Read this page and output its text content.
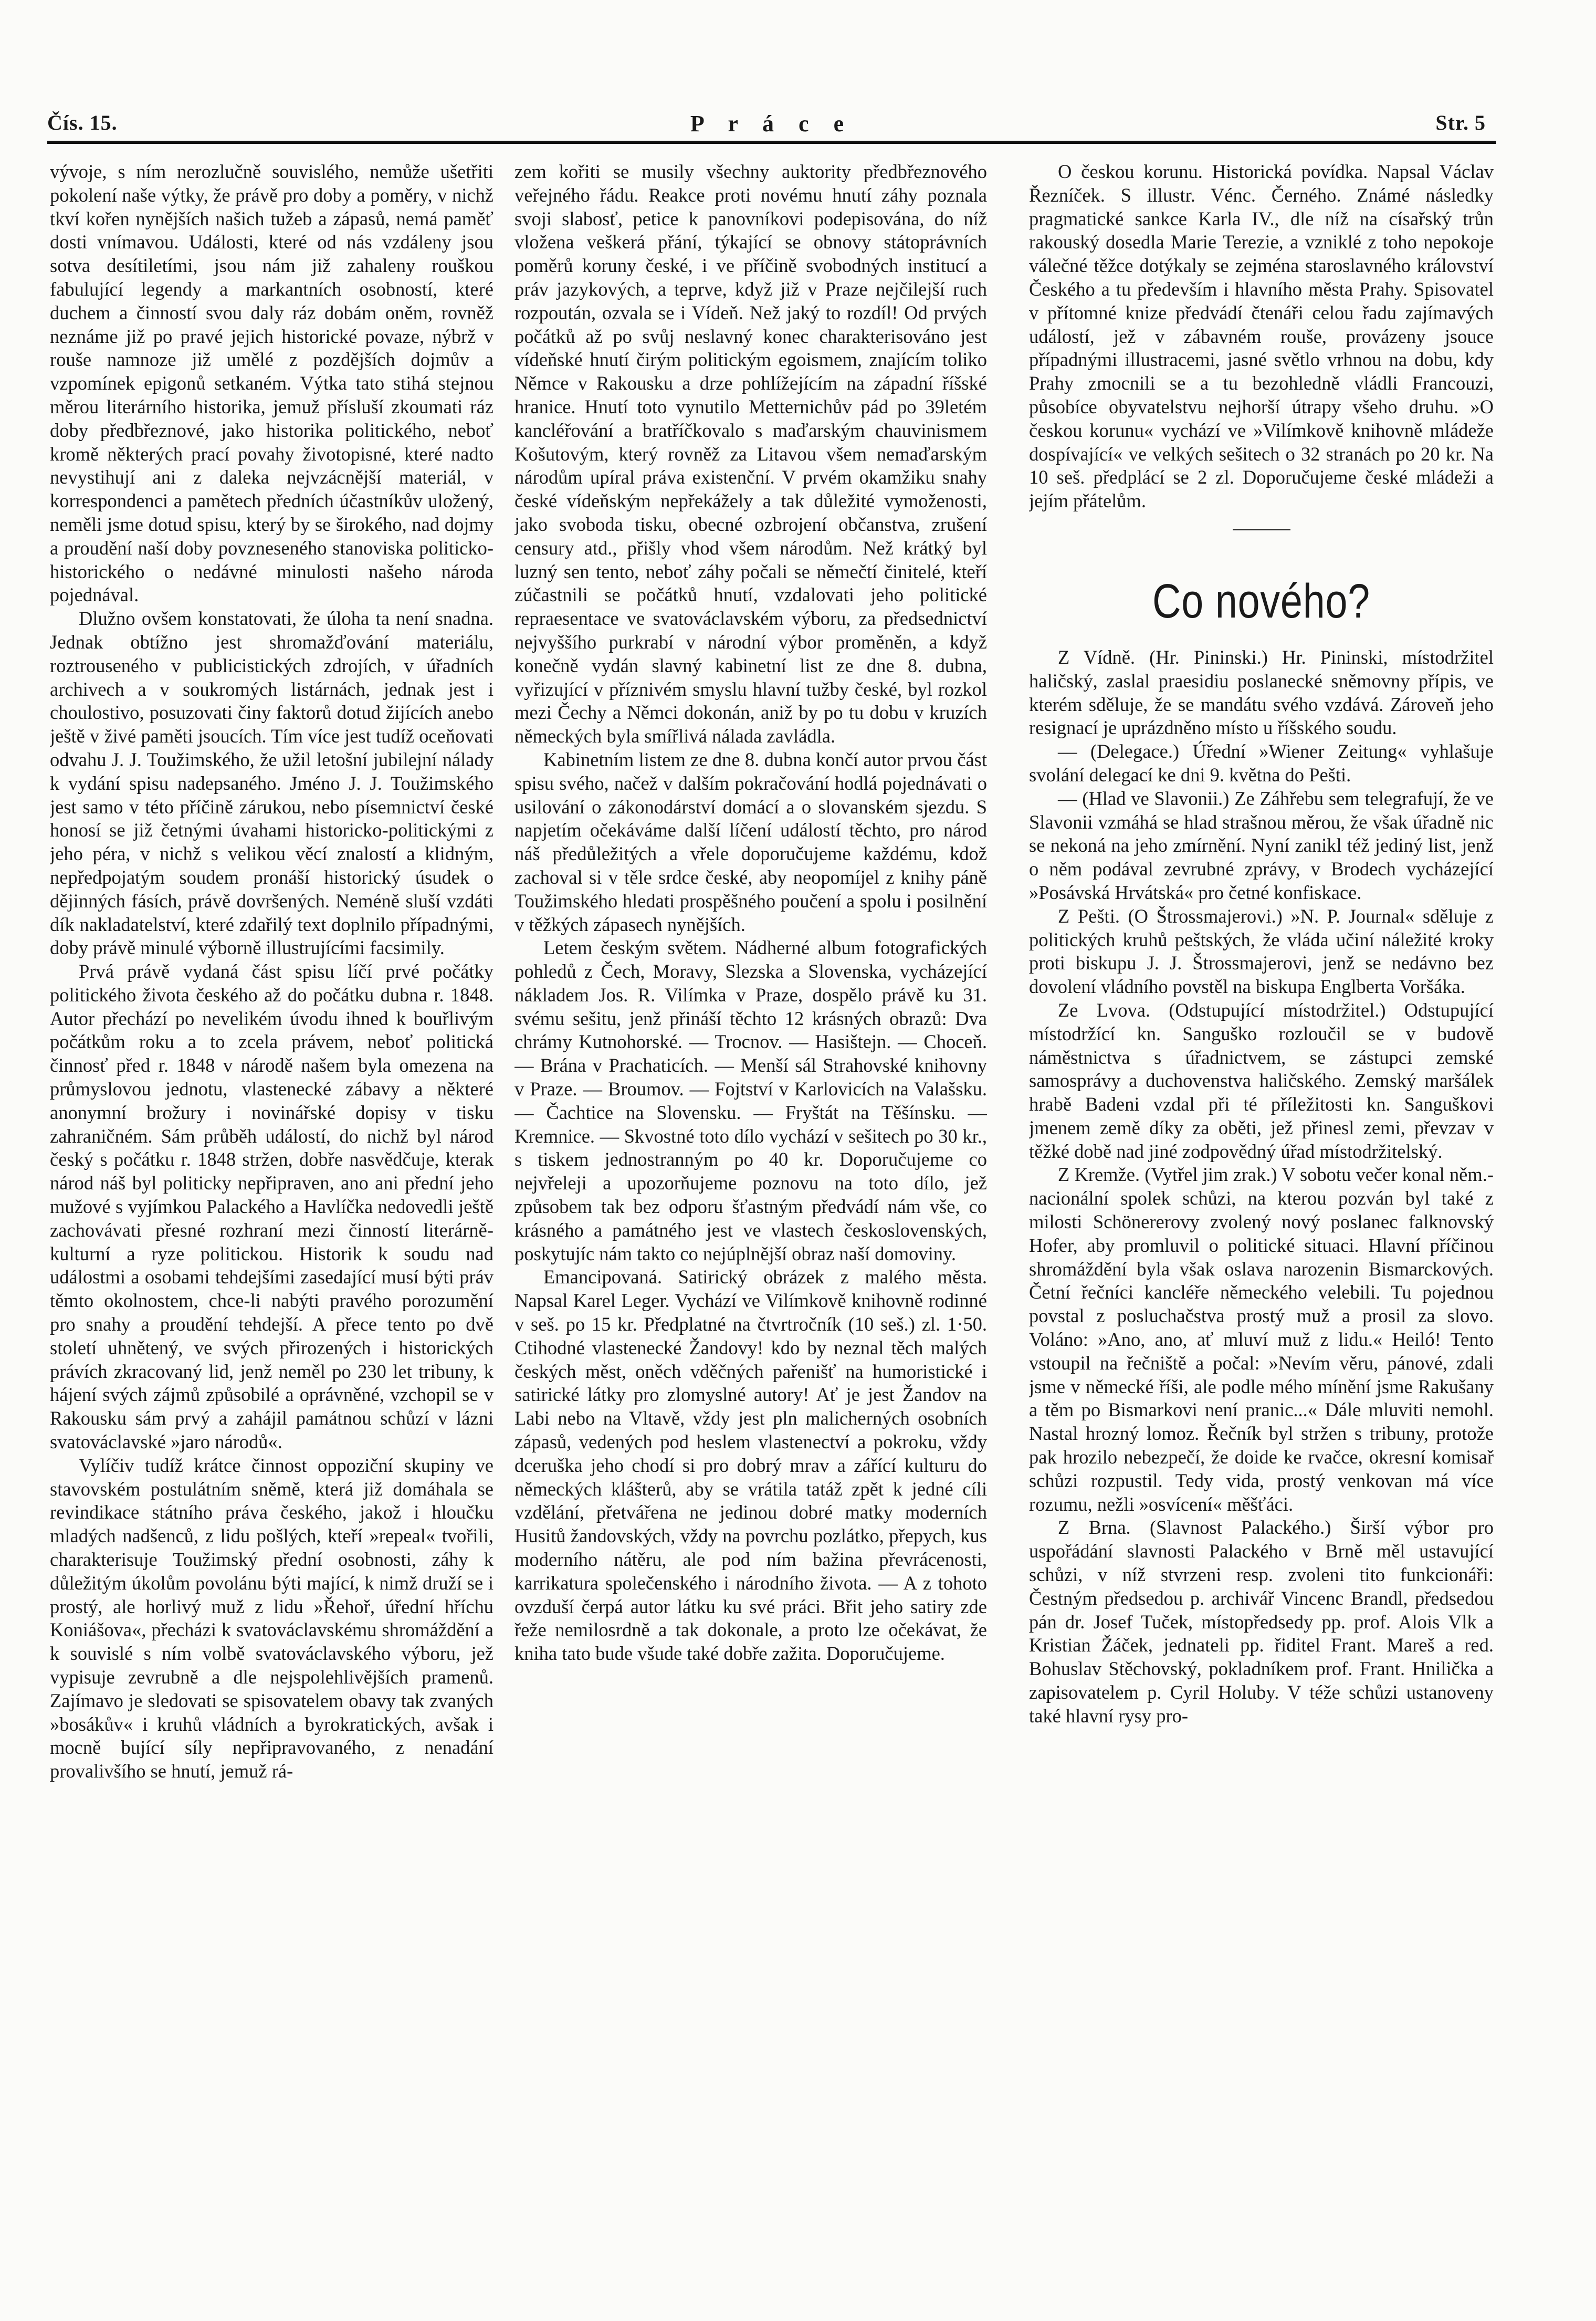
Čís. 15.	P r á c e	Str. 5

vývoje, s ním nerozlučně souvislého, nemůže ušetřiti pokolení naše výtky, že právě pro doby a poměry, v nichž tkví kořen nynějších našich tužeb a zápasů, nemá paměť dosti vnímavou. Události, které od nás vzdáleny jsou sotva desítiletími, jsou nám již zahaleny rouškou fabulující legendy a markantních osobností, které duchem a činností svou daly ráz dobám oněm, rovněž neznáme již po pravé jejich historické povaze, nýbrž v rouše namnoze již umělé z pozdějších dojmův a vzpomínek epigonů setkaném. Výtka tato stihá stejnou měrou literárního historika, jemuž přísluší zkoumati ráz doby předbřeznové, jako historika politického, neboť kromě některých prací povahy životopisné, které nadto nevystihují ani z daleka nejvzácnější materiál, v korrespondenci a pamětech předních účastníkův uložený, neměli jsme dotud spisu, který by se širokého, nad dojmy a proudění naší doby povzneseného stanoviska politicko-historického o nedávné minulosti našeho národa pojednával.

Dlužno ovšem konstatovati, že úloha ta není snadna. Jednak obtížno jest shromažďování materiálu, roztrouseného v publicistických zdrojích, v úřadních archivech a v soukromých listárnách, jednak jest i choulostivo, posuzovati činy faktorů dotud žijících anebo ještě v živé paměti jsoucích. Tím více jest tudíž oceňovati odvahu J. J. Toužimského, že užil letošní jubilejní nálady k vydání spisu nadepsaného. Jméno J. J. Toužimského jest samo v této příčině zárukou, nebo písemnictví české honosí se již četnými úvahami historicko-politickými z jeho péra, v nichž s velikou věcí znalostí a klidným, nepředpojatým soudem pronáší historický úsudek o dějinných fásích, právě dovršených. Neméně sluší vzdáti dík nakladatelství, které zdařilý text doplnilo případnými, doby právě minulé výborně illustrujícími facsimily.

Prvá právě vydaná část spisu líčí prvé počátky politického života českého až do počátku dubna r. 1848. Autor přechází po nevelikém úvodu ihned k bouřlivým počátkům roku a to zcela právem, neboť politická činnosť před r. 1848 v národě našem byla omezena na průmyslovou jednotu, vlastenecké zábavy a některé anonymní brožury i novinářské dopisy v tisku zahraničném. Sám průběh událostí, do nichž byl národ český s počátku r. 1848 stržen, dobře nasvědčuje, kterak národ náš byl politicky nepřipraven, ano ani přední jeho mužové s vyjímkou Palackého a Havlíčka nedovedli ještě zachovávati přesné rozhraní mezi činností literárně-kulturní a ryze politickou. Historik k soudu nad událostmi a osobami tehdejšími zasedající musí býti práv těmto okolnostem, chce-li nabýti pravého porozumění pro snahy a proudění tehdejší. A přece tento po dvě století uhnětený, ve svých přirozených i historických právích zkracovaný lid, jenž neměl po 230 let tribuny, k hájení svých zájmů způsobilé a oprávněné, vzchopil se v Rakousku sám prvý a zahájil památnou schůzí v lázni svatováclavské »jaro národů«.

Vylíčiv tudíž krátce činnost oppoziční skupiny ve stavovském postulátním sněmě, která již domáhala se revindikace státního práva českého, jakož i hloučku mladých nadšenců, z lidu pošlých, kteří »repeal« tvořili, charakterisuje Toužimský přední osobnosti, záhy k důležitým úkolům povolánu býti mající, k nimž druží se i prostý, ale horlivý muž z lidu »Řehoř, úřední hříchu Koniášova«, přecházi k svatováclavskému shromáždění a k souvislé s ním volbě svatováclavského výboru, jež vypisuje zevrubně a dle nejspolehlivějších pramenů. Zajímavo je sledovati se spisovatelem obavy tak zvaných »bosákův« i kruhů vládních a byrokratických, avšak i mocně bující síly nepřipravovaného, z nenadání provalivšího se hnutí, jemuž rá-

zem kořiti se musily všechny auktority předbřeznového veřejného řádu. Reakce proti novému hnutí záhy poznala svoji slabosť, petice k panovníkovi podepisována, do níž vložena veškerá přání, týkající se obnovy státoprávních poměrů koruny české, i ve příčině svobodných institucí a práv jazykových, a teprve, když již v Praze nejčilejší ruch rozpoután, ozvala se i Vídeň. Než jaký to rozdíl! Od prvých počátků až po svůj neslavný konec charakterisováno jest vídeňské hnutí čirým politickým egoismem, znajícím toliko Němce v Rakousku a drze pohlížejícím na západní říšské hranice. Hnutí toto vynutilo Metternichův pád po 39letém kancléřování a bratříčkovalo s maďarským chauvinismem Košutovým, který rovněž za Litavou všem nemaďarským národům upíral práva existenční. V prvém okamžiku snahy české vídeňským nepřekážely a tak důležité vymoženosti, jako svoboda tisku, obecné ozbrojení občanstva, zrušení censury atd., přišly vhod všem národům. Než krátký byl luzný sen tento, neboť záhy počali se němečtí činitelé, kteří zúčastnili se počátků hnutí, vzdalovati jeho politické repraesentace ve svatováclavském výboru, za předsednictví nejvyššího purkrabí v národní výbor proměněn, a když konečně vydán slavný kabinetní list ze dne 8. dubna, vyřizující v příznivém smyslu hlavní tužby české, byl rozkol mezi Čechy a Němci dokonán, aniž by po tu dobu v kruzích německých byla smířlivá nálada zavládla.

Kabinetním listem ze dne 8. dubna končí autor prvou část spisu svého, načež v dalším pokračování hodlá pojednávati o usilování o zákonodárství domácí a o slovanském sjezdu. S napjetím očekáváme další líčení událostí těchto, pro národ náš předůležitých a vřele doporučujeme každému, kdož zachoval si v těle srdce české, aby neopomíjel z knihy páně Toužimského hledati prospěšného poučení a spolu i posilnění v těžkých zápasech nynějších.

Letem českým světem. Nádherné album fotografických pohledů z Čech, Moravy, Slezska a Slovenska, vycházející nákladem Jos. R. Vilímka v Praze, dospělo právě ku 31. svému sešitu, jenž přináší těchto 12 krásných obrazů: Dva chrámy Kutnohorské. — Trocnov. — Hasištejn. — Choceň. — Brána v Prachaticích. — Menší sál Strahovské knihovny v Praze. — Broumov. — Fojtství v Karlovicích na Valašsku. — Čachtice na Slovensku. — Fryštát na Těšínsku. — Kremnice. — Skvostné toto dílo vychází v sešitech po 30 kr., s tiskem jednostranným po 40 kr. Doporučujeme co nejvřeleji a upozorňujeme poznovu na toto dílo, jež způsobem tak bez odporu šťastným předvádí nám vše, co krásného a památného jest ve vlastech československých, poskytujíc nám takto co nejúplnější obraz naší domoviny.

Emancipovaná. Satirický obrázek z malého města. Napsal Karel Leger. Vychází ve Vilímkově knihovně rodinné v seš. po 15 kr. Předplatné na čtvrtročník (10 seš.) zl. 1·50. Ctihodné vlastenecké Žandovy! kdo by neznal těch malých českých měst, oněch vděčných pařenišť na humoristické i satirické látky pro zlomyslné autory! Ať je jest Žandov na Labi nebo na Vltavě, vždy jest pln malicherných osobních zápasů, vedených pod heslem vlastenectví a pokroku, vždy dceruška jeho chodí si pro dobrý mrav a zářící kulturu do německých klášterů, aby se vrátila tatáž zpět k jedné cíli vzdělání, přetvářena ne jedinou dobré matky moderních Husitů žandovských, vždy na povrchu pozlátko, přepych, kus moderního nátěru, ale pod ním bažina převrácenosti, karrikatura společenského i národního života. — A z tohoto ovzduší čerpá autor látku ku své práci. Břit jeho satiry zde řeže nemilosrdně a tak dokonale, a proto lze očekávat, že kniha tato bude všude také dobře zažita. Doporučujeme.

O českou korunu. Historická povídka. Napsal Václav Řezníček. S illustr. Vénc. Černého. Známé následky pragmatické sankce Karla IV., dle níž na císařský trůn rakouský dosedla Marie Terezie, a vzniklé z toho nepokoje válečné těžce dotýkaly se zejména staroslavného království Českého a tu především i hlavního města Prahy. Spisovatel v přítomné knize předvádí čtenáři celou řadu zajímavých událostí, jež v zábavném rouše, provázeny jsouce případnými illustracemi, jasné světlo vrhnou na dobu, kdy Prahy zmocnili se a tu bezohledně vládli Francouzi, působíce obyvatelstvu nejhorší útrapy všeho druhu. »O českou korunu« vychází ve »Vilímkově knihovně mládeže dospívající« ve velkých sešitech o 32 stranách po 20 kr. Na 10 seš. předplácí se 2 zl. Doporučujeme české mládeži a jejím přátelům.

Co nového?

Z Vídně. (Hr. Pininski.) Hr. Pininski, místodržitel haličský, zaslal praesidiu poslanecké sněmovny přípis, ve kterém sděluje, že se mandátu svého vzdává. Zároveň jeho resignací je uprázdněno místo u říšského soudu.

— (Delegace.) Úřední »Wiener Zeitung« vyhlašuje svolání delegací ke dni 9. května do Pešti.

— (Hlad ve Slavonii.) Ze Záhřebu sem telegrafují, že ve Slavonii vzmáhá se hlad strašnou měrou, že však úřadně nic se nekoná na jeho zmírnění. Nyní zanikl též jediný list, jenž o něm podával zevrubné zprávy, v Brodech vycházející »Posávská Hrvátská« pro četné konfiskace.

Z Pešti. (O Štrossmajerovi.) »N. P. Journal« sděluje z politických kruhů peštských, že vláda učiní náležité kroky proti biskupu J. J. Štrossmajerovi, jenž se nedávno bez dovolení vládního povstěl na biskupa Englberta Voršáka.

Ze Lvova. (Odstupující místodržitel.) Odstupující místodržící kn. Sanguško rozloučil se v budově náměstnictva s úřadnictvem, se zástupci zemské samosprávy a duchovenstva haličského. Zemský maršálek hrabě Badeni vzdal při té příležitosti kn. Sanguškovi jmenem země díky za oběti, jež přinesl zemi, převzav v těžké době nad jiné zodpovědný úřad místodržitelský.

Z Kremže. (Vytřel jim zrak.) V sobotu večer konal něm.-nacionální spolek schůzi, na kterou pozván byl také z milosti Schönererovy zvolený nový poslanec falknovský Hofer, aby promluvil o politické situaci. Hlavní příčinou shromáždění byla však oslava narozenin Bismarckových. Četní řečníci kancléře německého velebili. Tu pojednou povstal z posluchačstva prostý muž a prosil za slovo. Voláno: »Ano, ano, ať mluví muž z lidu.« Heiló! Tento vstoupil na řečniště a počal: »Nevím věru, pánové, zdali jsme v německé říši, ale podle mého mínění jsme Rakušany a těm po Bismarkovi není pranic...« Dále mluviti nemohl. Nastal hrozný lomoz. Řečník byl stržen s tribuny, protože pak hrozilo nebezpečí, že doide ke rvačce, okresní komisař schůzi rozpustil. Tedy vida, prostý venkovan má více rozumu, nežli »osvícení« měšťáci.

Z Brna. (Slavnost Palackého.) Širší výbor pro uspořádání slavnosti Palackého v Brně měl ustavující schůzi, v níž stvrzeni resp. zvoleni tito funkcionáři: Čestným předsedou p. archivář Vincenc Brandl, předsedou pán dr. Josef Tuček, místopředsedy pp. prof. Alois Vlk a Kristian Žáček, jednateli pp. řiditel Frant. Mareš a red. Bohuslav Stěchovský, pokladníkem prof. Frant. Hnilička a zapisovatelem p. Cyril Holuby. V téže schůzi ustanoveny také hlavní rysy pro-
